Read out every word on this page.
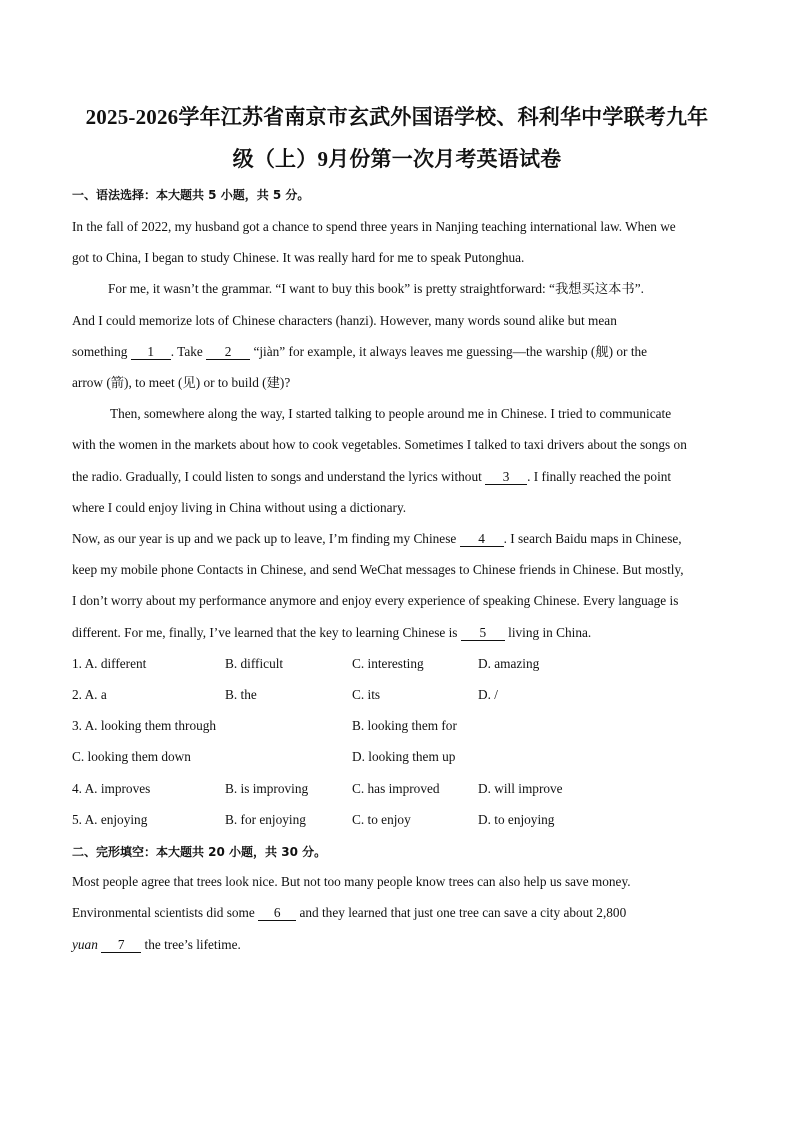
2025-2026学年江苏省南京市玄武外国语学校、科利华中学联考九年
级（上）9月份第一次月考英语试卷
一、语法选择：本大题共 5 小题，共 5 分。
In the fall of 2022, my husband got a chance to spend three years in Nanjing teaching international law. When we
got to China, I began to study Chinese. It was really hard for me to speak Putonghua.
For me, it wasn’t the grammar. “I want to buy this book” is pretty straightforward: “我想买这本书”.
And I could memorize lots of Chinese characters (hanzi). However, many words sound alike but mean
something 1 . Take 2 “jiàn” for example, it always leaves me guessing—the warship (舰) or the
arrow (箭), to meet (见) or to build (建)?
Then, somewhere along the way, I started talking to people around me in Chinese. I tried to communicate
with the women in the markets about how to cook vegetables. Sometimes I talked to taxi drivers about the songs on
the radio. Gradually, I could listen to songs and understand the lyrics without 3 . I finally reached the point
where I could enjoy living in China without using a dictionary.
Now, as our year is up and we pack up to leave, I’m finding my Chinese 4 . I search Baidu maps in Chinese,
keep my mobile phone Contacts in Chinese, and send WeChat messages to Chinese friends in Chinese. But mostly,
I don’t worry about my performance anymore and enjoy every experience of speaking Chinese. Every language is
different. For me, finally, I’ve learned that the key to learning Chinese is 5 living in China.
1. A. different	B. difficult	C. interesting	D. amazing
2. A. a	B. the	C. its	D. /
3. A. looking them through	B. looking them for
C. looking them down	D. looking them up
4. A. improves	B. is improving	C. has improved	D. will improve
5. A. enjoying	B. for enjoying	C. to enjoy	D. to enjoying
二、完形填空：本大题共 20 小题，共 30 分。
Most people agree that trees look nice. But not too many people know trees can also help us save money.
Environmental scientists did some 6 and they learned that just one tree can save a city about 2,800
yuan 7 the tree’s lifetime.
